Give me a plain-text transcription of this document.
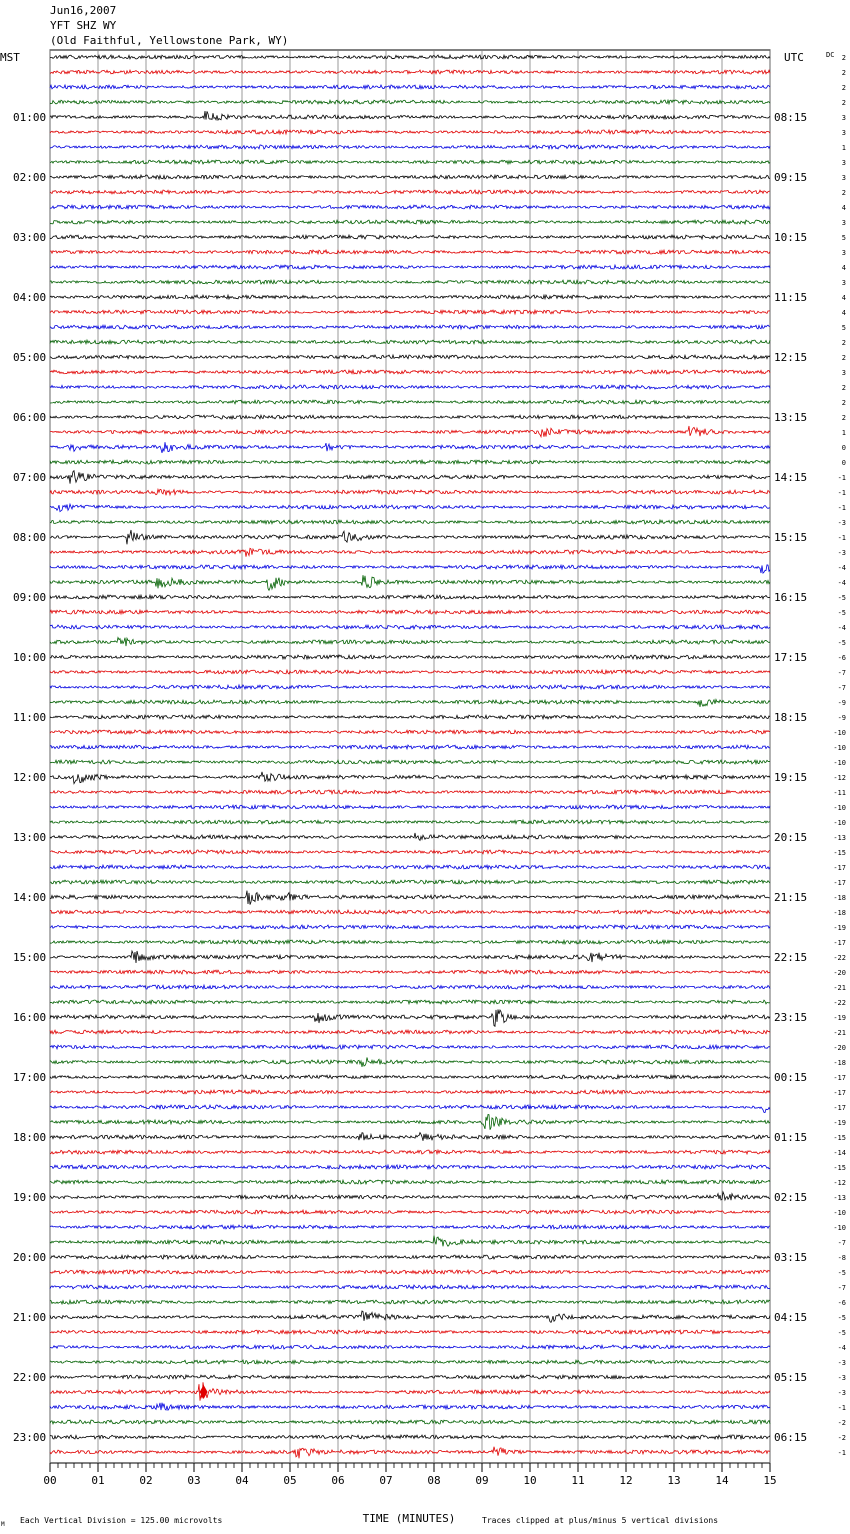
Jun16,2007
YFT SHZ WY
(Old Faithful, Yellowstone Park, WY)
MST	UTC	DC
TIME (MINUTES)
Each Vertical Division = 125.00 microvolts	Traces clipped at plus/minus 5 vertical divisions
M
00	01	02	03	04	05	06	07	08	09	10	11	12	13	14	15
01:00
02:00
03:00
04:00
05:00
06:00
07:00
08:00
09:00
10:00
11:00
12:00
13:00
14:00
15:00
16:00
17:00
18:00
19:00
20:00
21:00
22:00
23:00
08:15
09:15
10:15
11:15
12:15
13:15
14:15
15:15
16:15
17:15
18:15
19:15
20:15
21:15
22:15
23:15
00:15
01:15
02:15
03:15
04:15
05:15
06:15
2
2
2
2
3
3
1
3
3
2
4
3
5
3
4
3
4
4
5
2
2
3
2
2
2
1
0
0
-1
-1
-1
-3
-1
-3
-4
-4
-5
-5
-4
-5
-6
-7
-7
-9
-9
-10
-10
-10
-12
-11
-10
-10
-13
-15
-17
-17
-18
-18
-19
-17
-22
-20
-21
-22
-19
-21
-20
-18
-17
-17
-17
-19
-15
-14
-15
-12
-13
-10
-10
-7
-8
-5
-7
-6
-5
-5
-4
-3
-3
-3
-1
-2
-2
-1
